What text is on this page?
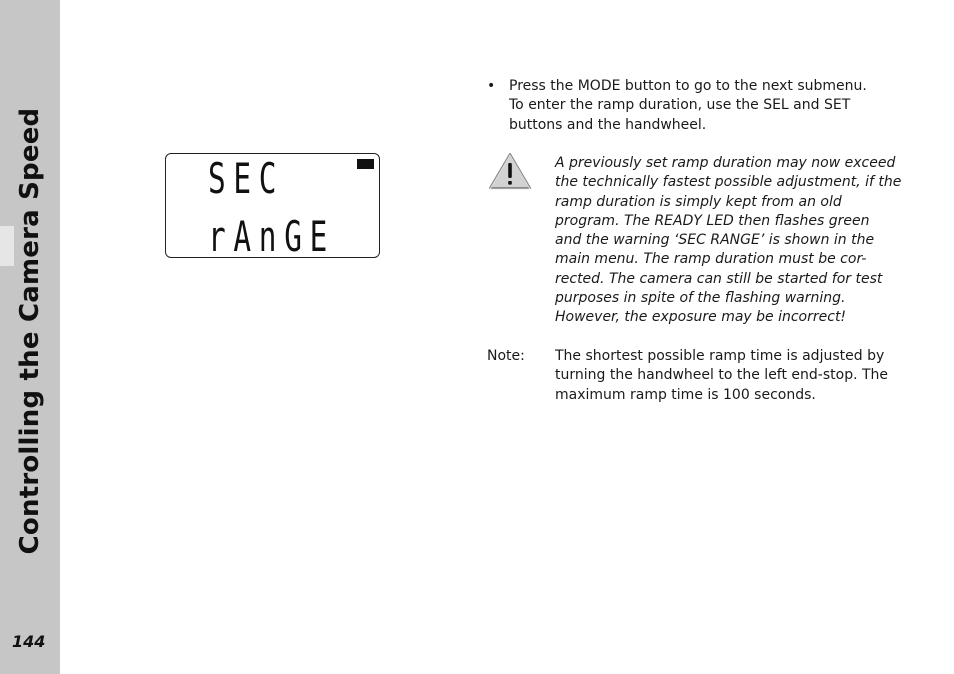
Controlling the Camera Speed
144
SEC
rAnGE
• Press the MODE button to go to the next submenu.
To enter the ramp duration, use the SEL and SET
buttons and the handwheel.
A previously set ramp duration may now exceed
the technically fastest possible adjustment, if the
ramp duration is simply kept from an old
program. The READY LED then flashes green
and the warning ‘SEC RANGE’ is shown in the
main menu. The ramp duration must be cor-
rected. The camera can still be started for test
purposes in spite of the flashing warning.
However, the exposure may be incorrect!
Note: The shortest possible ramp time is adjusted by
turning the handwheel to the left end-stop. The
maximum ramp time is 100 seconds.
